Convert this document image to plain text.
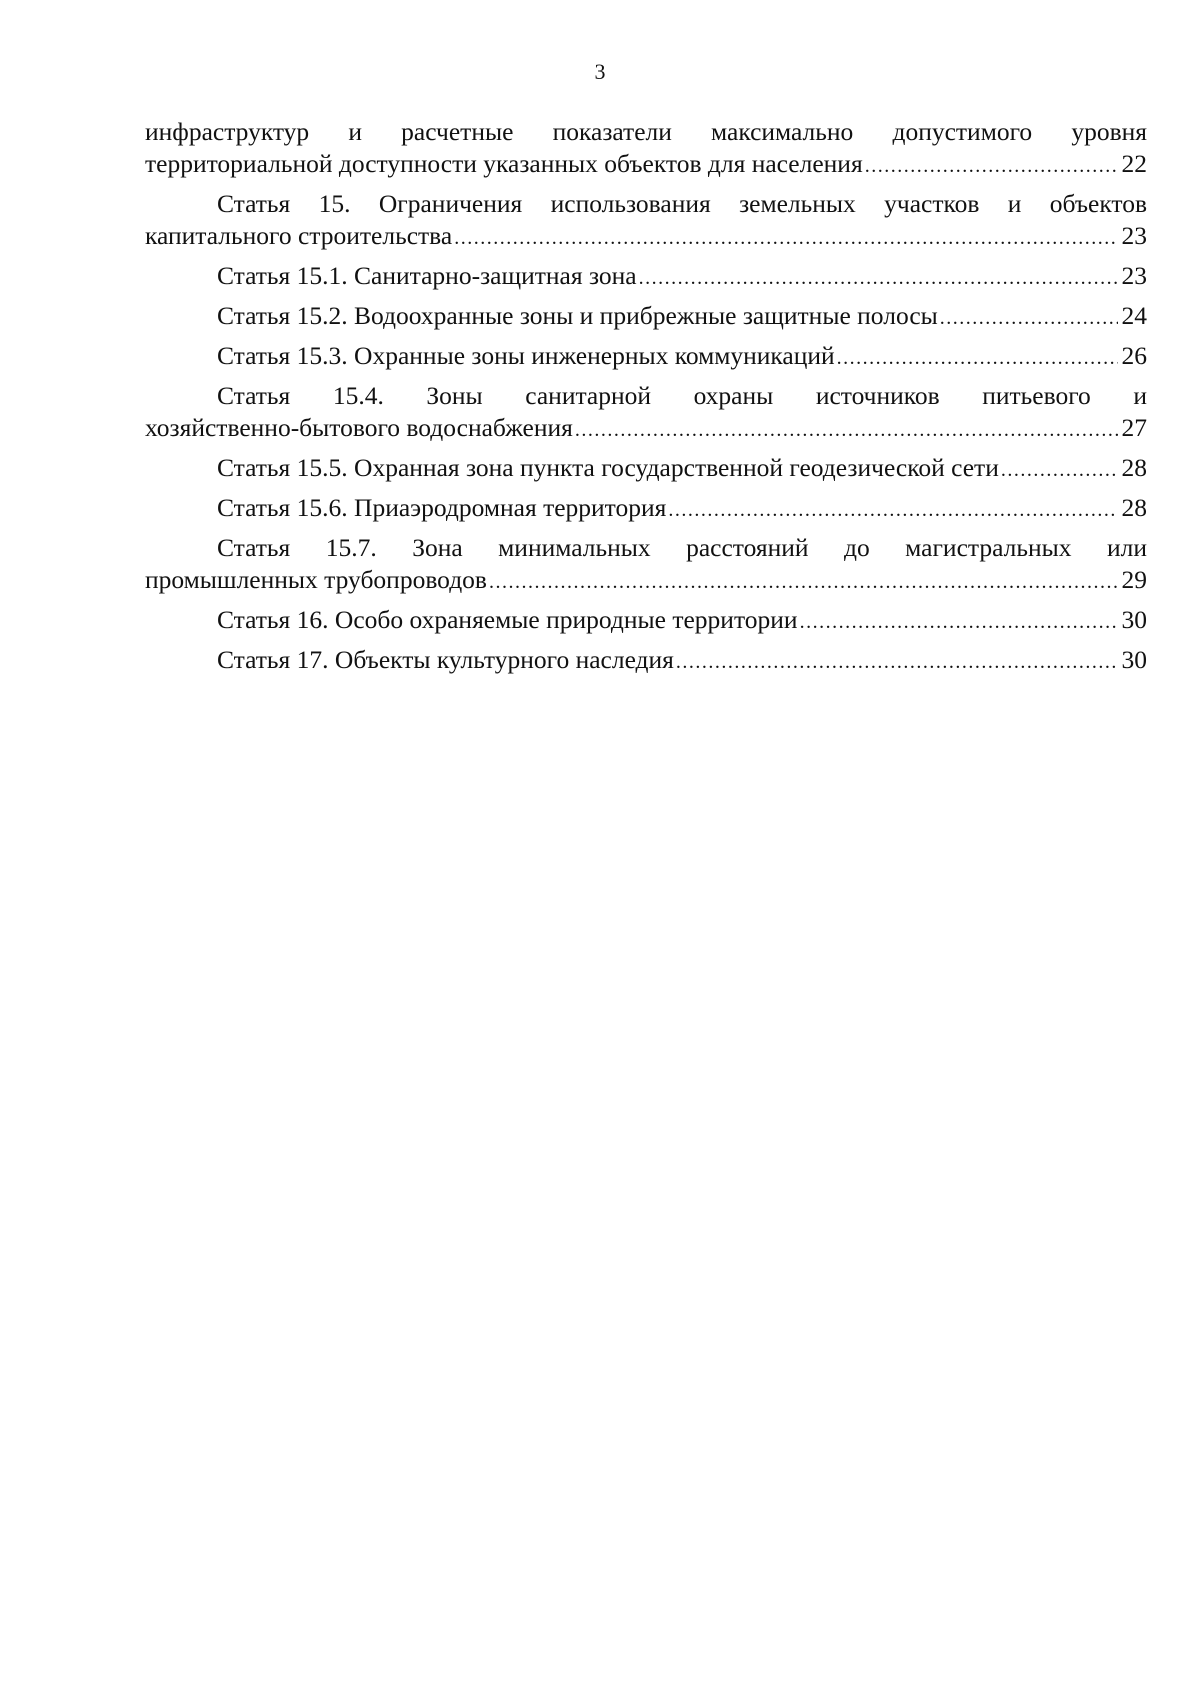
3
инфраструктур и расчетные показатели максимально допустимого уровня
территориальной доступности указанных объектов для населения .....	22
Статья 15. Ограничения использования земельных участков и объектов
капитального строительства .....	23
Статья 15.1. Санитарно-защитная зона .....	23
Статья 15.2. Водоохранные зоны и прибрежные защитные полосы .....	24
Статья 15.3. Охранные зоны инженерных коммуникаций .....	26
Статья 15.4. Зоны санитарной охраны источников питьевого и
хозяйственно-бытового водоснабжения .....	27
Статья 15.5. Охранная зона пункта государственной геодезической сети .....	28
Статья 15.6. Приаэродромная территория .....	28
Статья 15.7. Зона минимальных расстояний до магистральных или
промышленных трубопроводов .....	29
Статья 16. Особо охраняемые природные территории .....	30
Статья 17. Объекты культурного наследия .....	30
